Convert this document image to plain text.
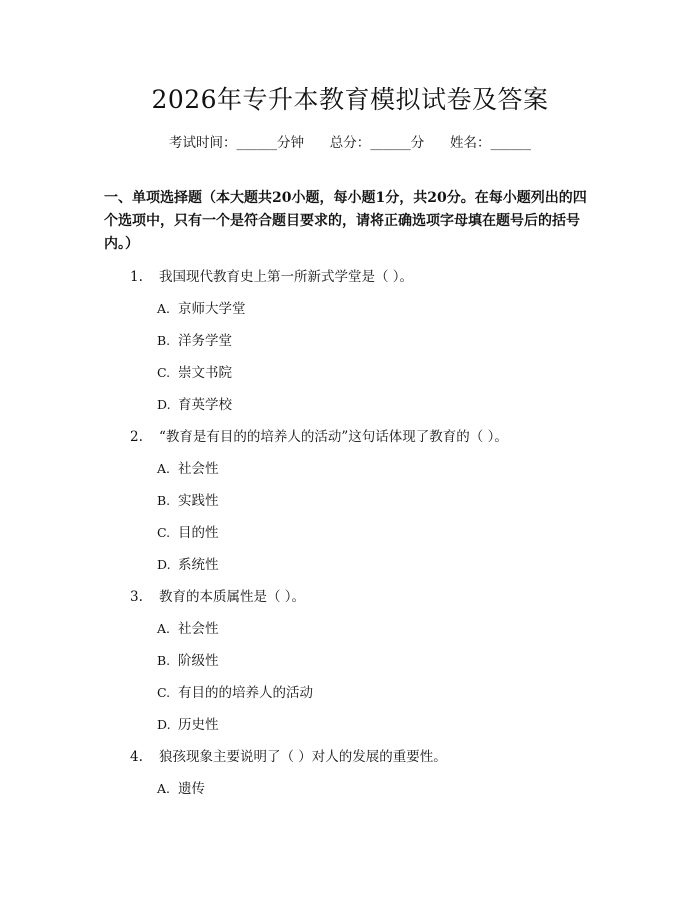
2026年专升本教育模拟试卷及答案
考试时间：______分钟      总分：______分      姓名：______
一、单项选择题（本大题共20小题，每小题1分，共20分。在每小题列出的四个选项中，只有一个是符合题目要求的，请将正确选项字母填在题号后的括号内。）
1. 我国现代教育史上第一所新式学堂是（ ）。
A. 京师大学堂
B. 洋务学堂
C. 崇文书院
D. 育英学校
2. “教育是有目的的培养人的活动”这句话体现了教育的（ ）。
A. 社会性
B. 实践性
C. 目的性
D. 系统性
3. 教育的本质属性是（ ）。
A. 社会性
B. 阶级性
C. 有目的的培养人的活动
D. 历史性
4. 狼孩现象主要说明了（ ）对人的发展的重要性。
A. 遗传
